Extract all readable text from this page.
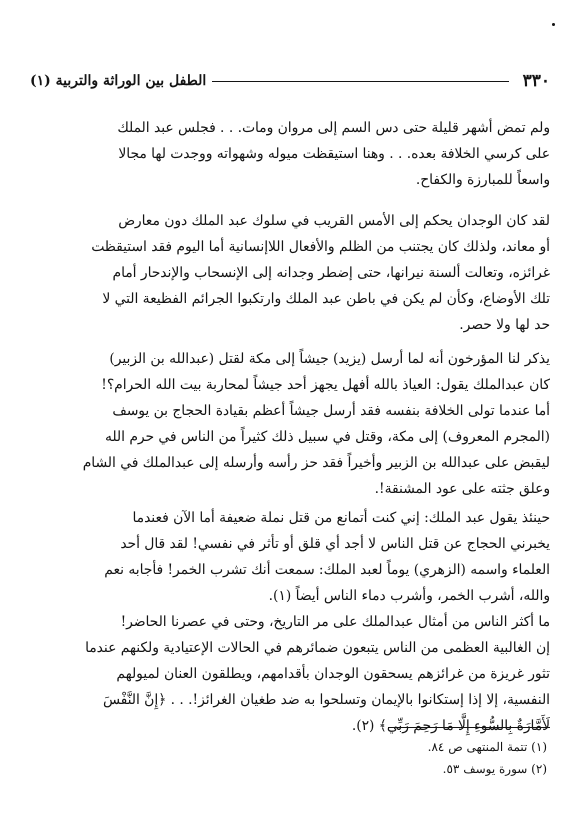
٣٣٠
الطفل بين الوراثة والتربية (١)
ولم تمض أشهر قليلة حتى دس السم إلى مروان ومات. . . فجلس عبد الملك
على كرسي الخلافة بعده. . . وهنا استيقظت ميوله وشهواته ووجدت لها مجالا
واسعاً للمبارزة والكفاح.
لقد كان الوجدان يحكم إلى الأمس القريب في سلوك عبد الملك دون معارض
أو معاند، ولذلك كان يجتنب من الظلم والأفعال اللاإنسانية أما اليوم فقد استيقظت
غرائزه، وتعالت ألسنة نيرانها، حتى إضطر وجدانه إلى الإنسحاب والإندحار أمام
تلك الأوضاع، وكأن لم يكن في باطن عبد الملك وارتكبوا الجرائم الفظيعة التي لا
حد لها ولا حصر.
يذكر لنا المؤرخون أنه لما أرسل (يزيد) جيشاً إلى مكة لقتل (عبدالله بن الزبير)
كان عبدالملك يقول: العياذ بالله أفهل يجهز أحد جيشاً لمحاربة بيت الله الحرام؟!
أما عندما تولى الخلافة بنفسه فقد أرسل جيشاً أعظم بقيادة الحجاج بن يوسف
(المجرم المعروف) إلى مكة، وقتل في سبيل ذلك كثيراً من الناس في حرم الله
ليقبض على عبدالله بن الزبير وأخيراً فقد حز رأسه وأرسله إلى عبدالملك في الشام
وعلق جثته على عود المشنقة!.
حينئذ يقول عبد الملك: إني كنت أتمانع من قتل نملة ضعيفة أما الآن فعندما
يخبرني الحجاج عن قتل الناس لا أجد أي قلق أو تأثر في نفسي! لقد قال أحد
العلماء واسمه (الزهري) يوماً لعبد الملك: سمعت أنك تشرب الخمر! فأجابه نعم
والله، أشرب الخمر، وأشرب دماء الناس أيضاً (١).
ما أكثر الناس من أمثال عبدالملك على مر التاريخ، وحتى في عصرنا الحاضر!
إن الغالبية العظمى من الناس يتبعون ضمائرهم في الحالات الإعتيادية ولكنهم عندما
تثور غريزة من غرائزهم يسحقون الوجدان بأقدامهم، ويطلقون العنان لميولهم
النفسية، إلا إذا إستكانوا بالإيمان وتسلحوا به ضد طغيان الغرائز!. . . ﴿إِنَّ النَّفْسَ
لَأَمَّارَةٌ بِالسُّوءِ إِلَّا مَا رَحِمَ رَبِّي﴾ (٢).
(١) تتمة المنتهى ص ٨٤.
(٢) سورة يوسف ٥٣.
